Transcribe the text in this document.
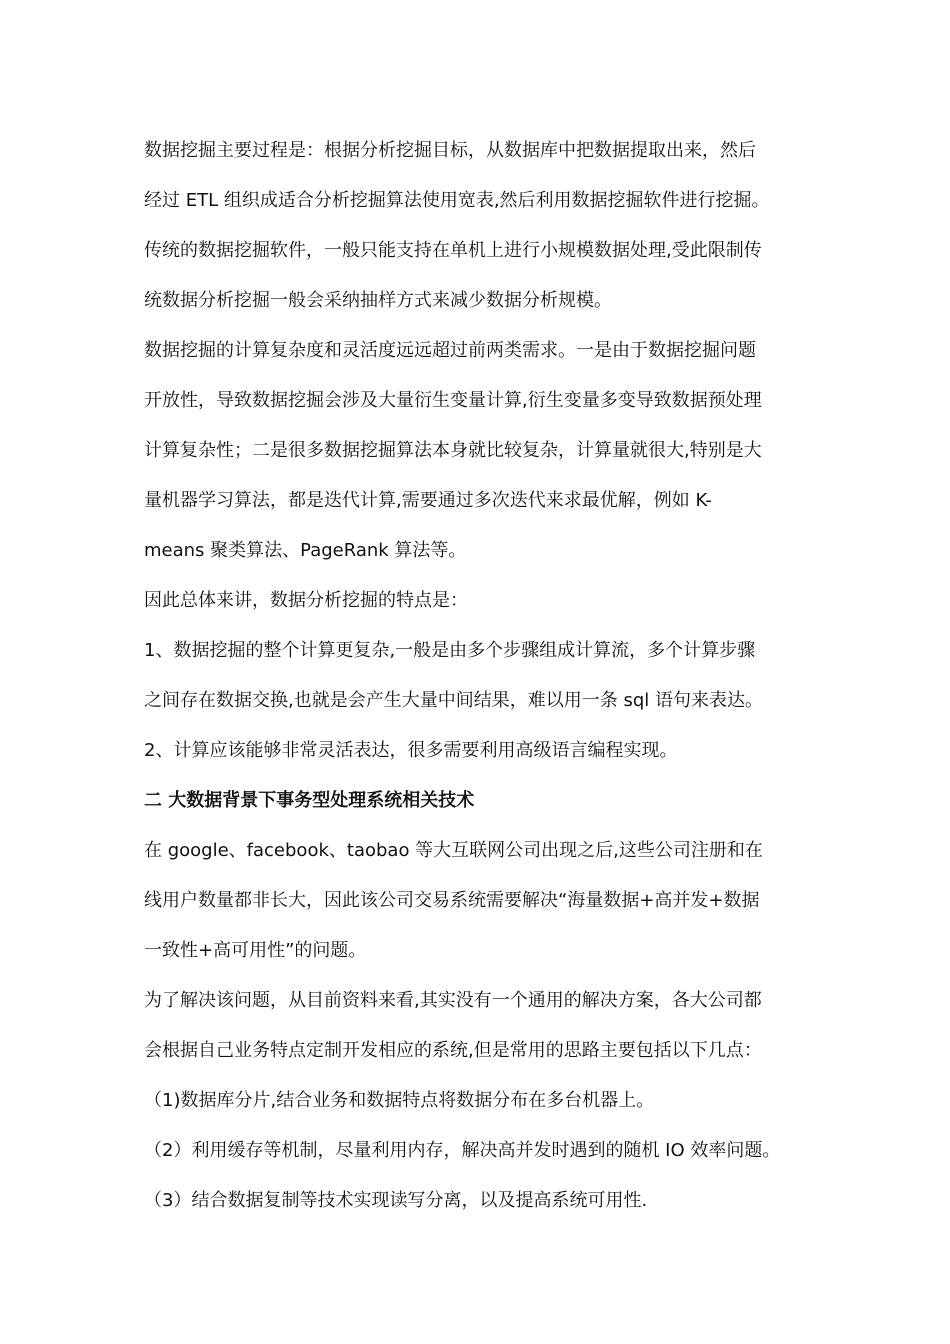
数据挖掘主要过程是：根据分析挖掘目标，从数据库中把数据提取出来，然后
经过 ETL 组织成适合分析挖掘算法使用宽表,然后利用数据挖掘软件进行挖掘。
传统的数据挖掘软件，一般只能支持在单机上进行小规模数据处理,受此限制传
统数据分析挖掘一般会采纳抽样方式来减少数据分析规模。
数据挖掘的计算复杂度和灵活度远远超过前两类需求。一是由于数据挖掘问题
开放性，导致数据挖掘会涉及大量衍生变量计算,衍生变量多变导致数据预处理
计算复杂性；二是很多数据挖掘算法本身就比较复杂，计算量就很大,特别是大
量机器学习算法，都是迭代计算,需要通过多次迭代来求最优解，例如 K-
means 聚类算法、PageRank 算法等。
因此总体来讲，数据分析挖掘的特点是：
1、数据挖掘的整个计算更复杂,一般是由多个步骤组成计算流，多个计算步骤
之间存在数据交换,也就是会产生大量中间结果，难以用一条 sql 语句来表达。
2、计算应该能够非常灵活表达，很多需要利用高级语言编程实现。
二 大数据背景下事务型处理系统相关技术
在 google、facebook、taobao 等大互联网公司出现之后,这些公司注册和在
线用户数量都非长大，因此该公司交易系统需要解决“海量数据+高并发+数据
一致性+高可用性”的问题。
为了解决该问题，从目前资料来看,其实没有一个通用的解决方案，各大公司都
会根据自己业务特点定制开发相应的系统,但是常用的思路主要包括以下几点：
（1)数据库分片,结合业务和数据特点将数据分布在多台机器上。
（2）利用缓存等机制，尽量利用内存，解决高并发时遇到的随机 IO 效率问题。
（3）结合数据复制等技术实现读写分离，以及提高系统可用性.
